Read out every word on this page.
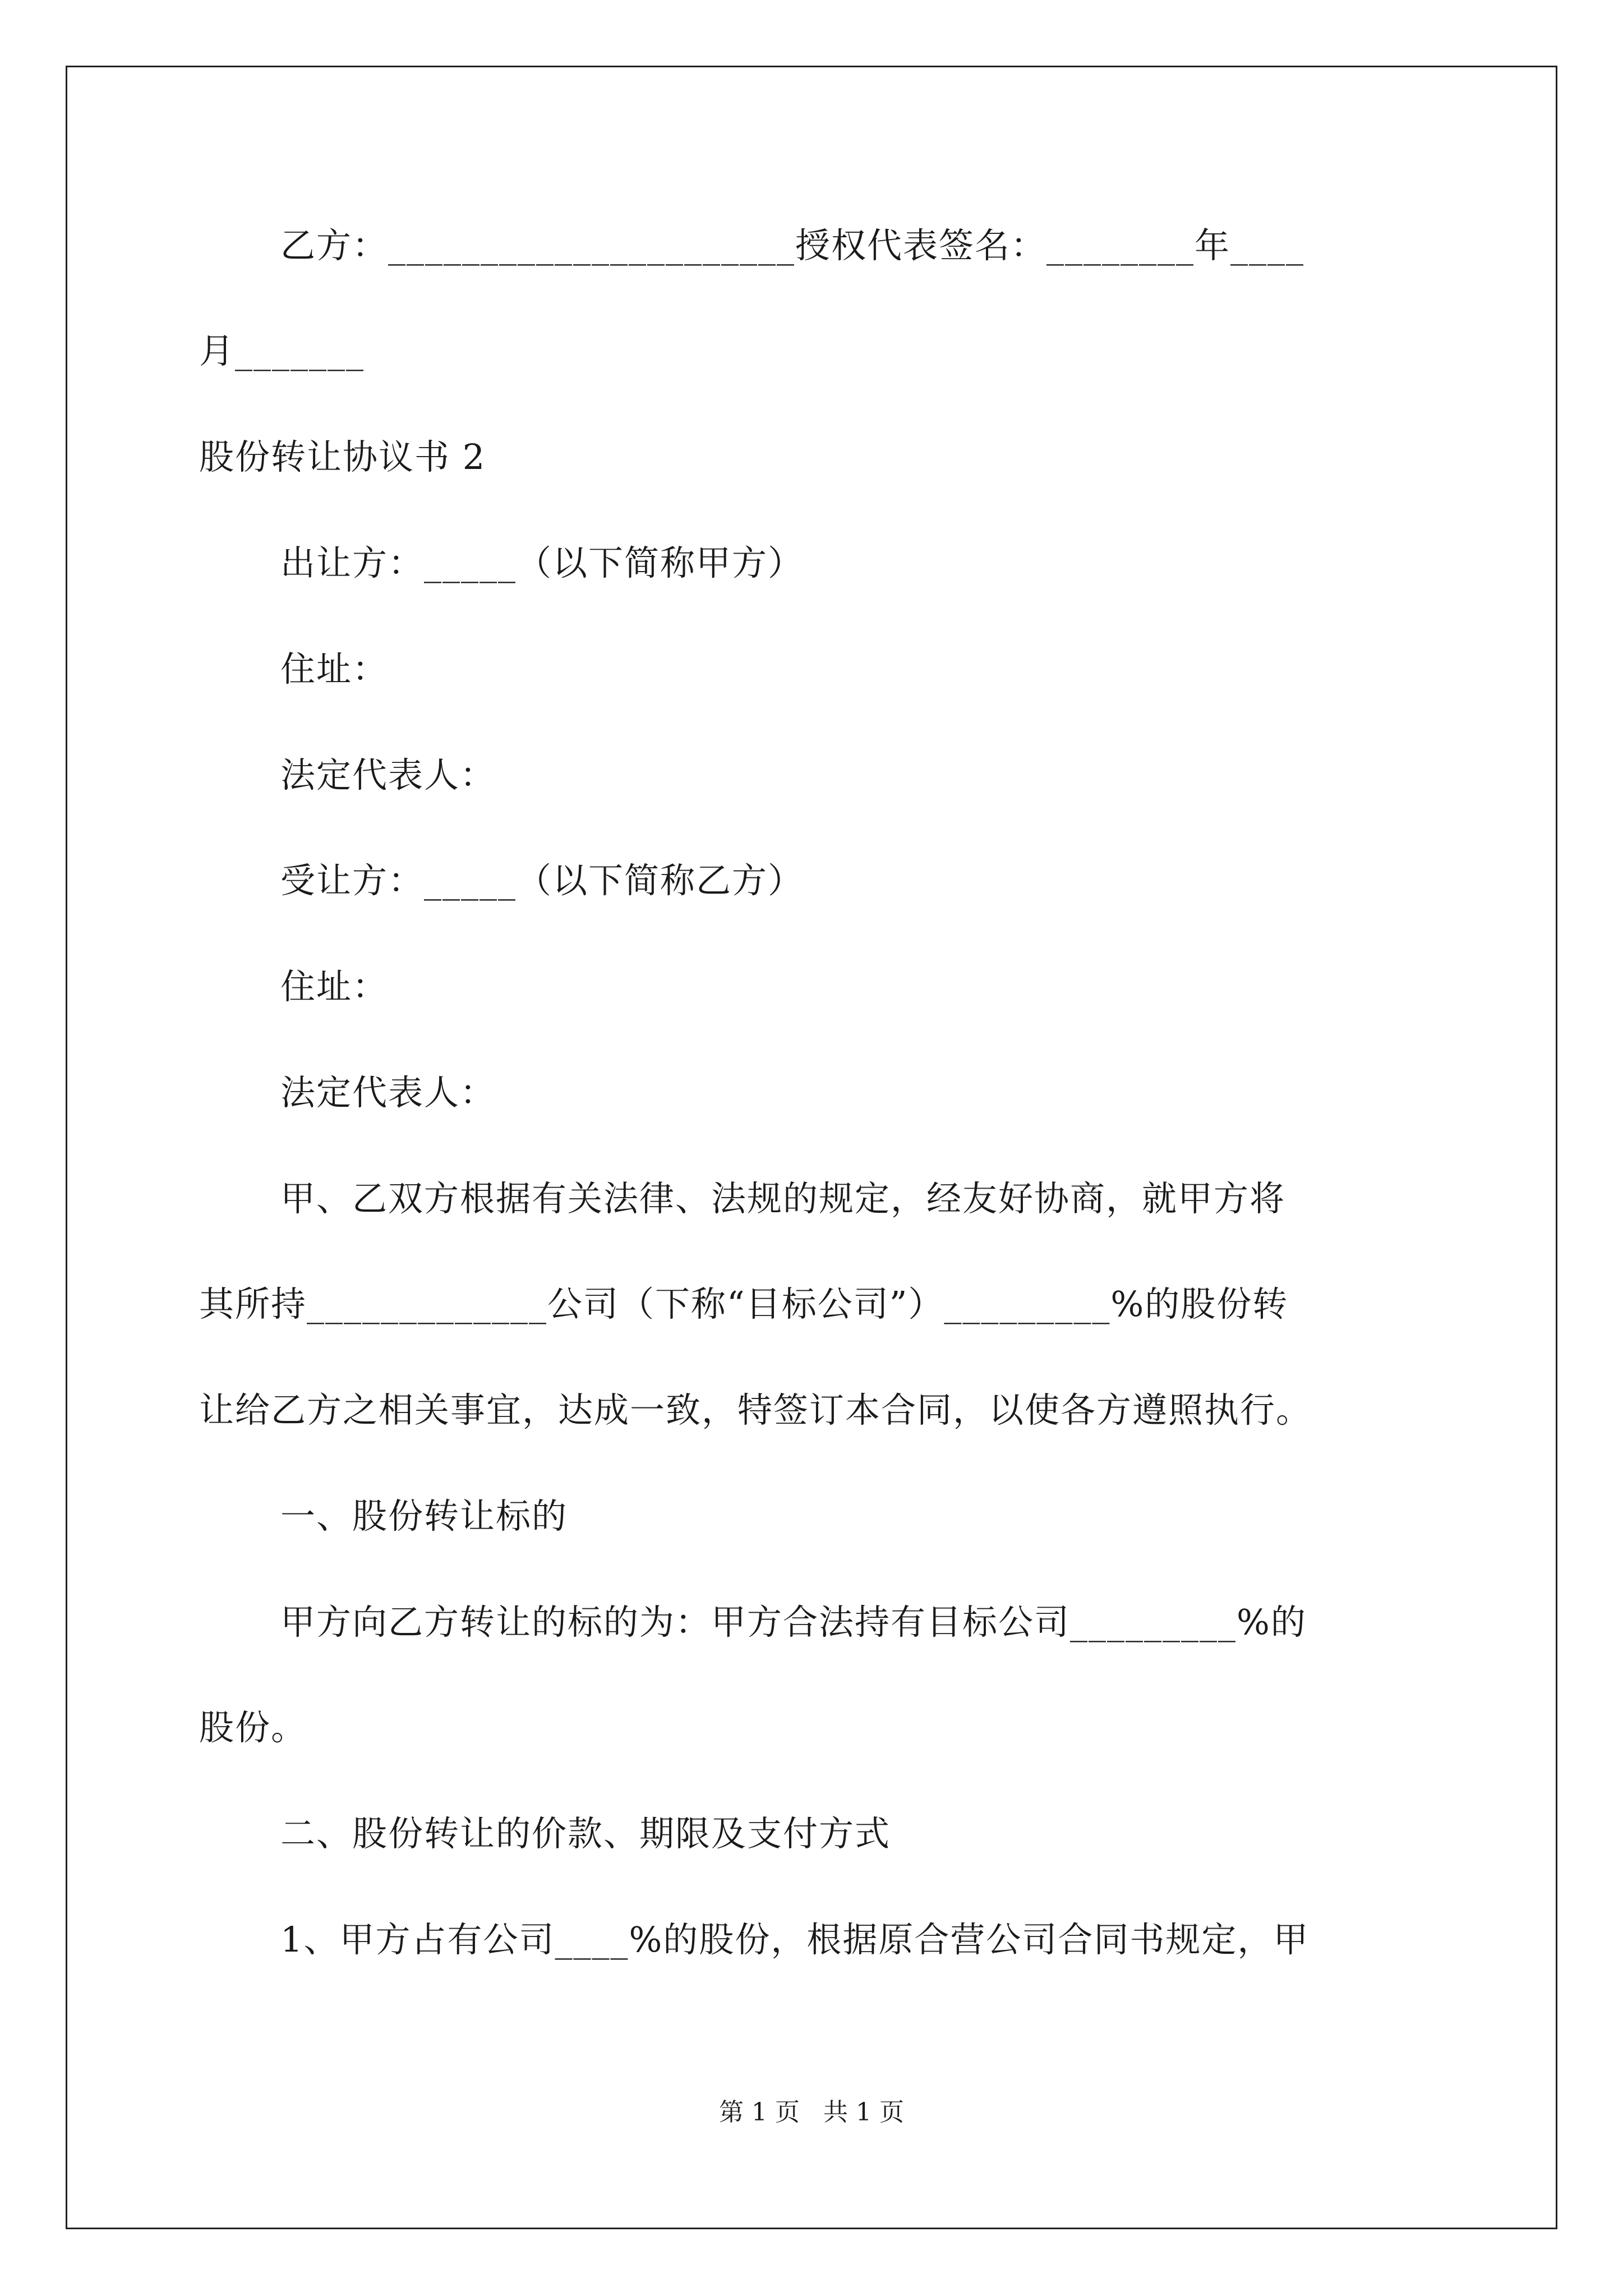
乙方：______________________授权代表签名：________年____
月_______
股份转让协议书 2
出让方：_____（以下简称甲方）
住址：
法定代表人：
受让方：_____（以下简称乙方）
住址：
法定代表人：
甲、乙双方根据有关法律、法规的规定，经友好协商，就甲方将
其所持_____________公司（下称“目标公司”）_________%的股份转
让给乙方之相关事宜，达成一致，特签订本合同，以使各方遵照执行。
一、股份转让标的
甲方向乙方转让的标的为：甲方合法持有目标公司_________%的
股份。
二、股份转让的价款、期限及支付方式
1、甲方占有公司____%的股份，根据原合营公司合同书规定，甲
第 1 页   共 1 页
